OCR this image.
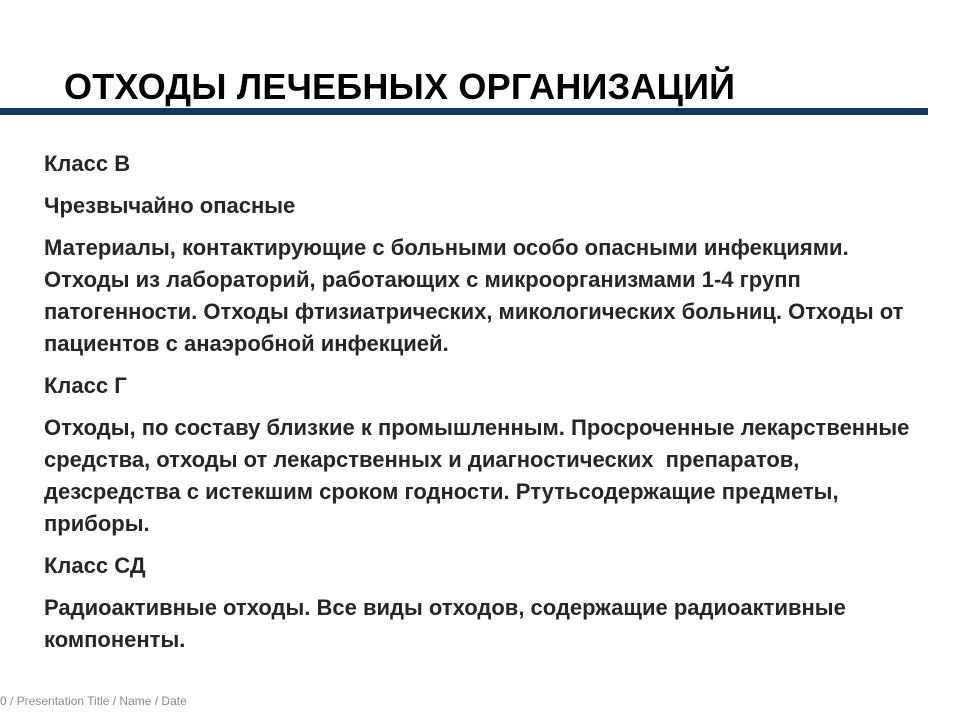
ОТХОДЫ ЛЕЧЕБНЫХ ОРГАНИЗАЦИЙ

Класс В

Чрезвычайно опасные

Материалы, контактирующие с больными особо опасными инфекциями. Отходы из лабораторий, работающих с микроорганизмами 1-4 групп патогенности. Отходы фтизиатрических, микологических больниц. Отходы от пациентов с анаэробной инфекцией.

Класс Г

Отходы, по составу близкие к промышленным. Просроченные лекарственные средства, отходы от лекарственных и диагностических  препаратов, дезсредства с истекшим сроком годности. Ртутьсодержащие предметы, приборы.

Класс СД

Радиоактивные отходы. Все виды отходов, содержащие радиоактивные компоненты.

0 / Presentation Title / Name / Date
